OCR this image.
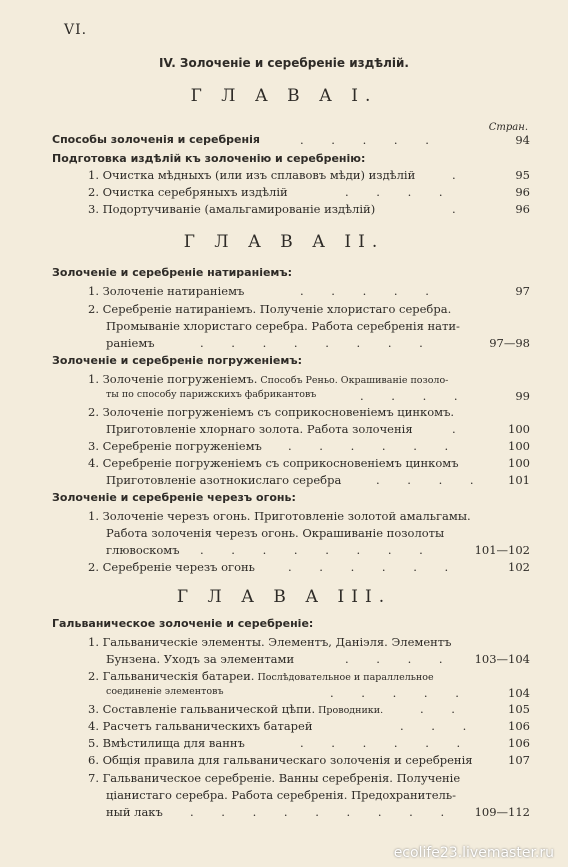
VI.
IV. Золоченіе и серебреніе издѣлій.
Г Л А В А I.
Стран.
Способы золоченія и серебренія	. . . . .	94
Подготовка издѣлій къ золоченію и серебренію:
1. Очистка мѣдныхъ (или изъ сплавовъ мѣди) издѣлій	.	95
2. Очистка серебряныхъ издѣлій	. . . .	96
3. Подортучиваніе (амальгамированіе издѣлій)	.	96
Г Л А В А II.
Золоченіе и серебреніе натираніемъ:
1. Золоченіе натираніемъ	. . . . .	97
2. Серебреніе натираніемъ. Полученіе хлористаго серебра.
Промываніе хлористаго серебра. Работа серебренія нати-
раніемъ	. . . . . . . .	97—98
Золоченіе и серебреніе погруженіемъ:
1. Золоченіе погруженіемъ. Способъ Реньо. Окрашиваніе позоло-
ты по способу парижскихъ фабрикантовъ	. . . .	99
2. Золоченіе погруженіемъ съ соприкосновеніемъ цинкомъ.
Приготовленіе хлорнаго золота. Работа золоченія	.	100
3. Серебреніе погруженіемъ . . . . . .	100
4. Серебреніе погруженіемъ съ соприкосновеніемъ цинкомъ	100
Приготовленіе азотнокислаго серебра	. . . . 101
Золоченіе и серебреніе черезъ огонь:
1. Золоченіе черезъ огонь. Приготовленіе золотой амальгамы.
Работа золоченія черезъ огонь. Окрашиваніе позолоты
глювоскомъ . . . . . . . .	101—102
2. Серебреніе черезъ огонь	. . . . . .	102
Г Л А В А III.
Гальваническое золоченіе и серебреніе:
1. Гальваническіе элементы. Элементъ, Даніэля. Элементъ
Бунзена. Уходъ за элементами	. . . . 103—104
2. Гальваническія батареи. Послѣдовательное и параллельное
соединеніе элементовъ	. . . . .	104
3. Составленіе гальванической цѣпи. Проводники.	. .	105
4. Расчетъ гальваническихъ батарей	. . .	106
5. Вмѣстилища для ваннъ	. . . . . .	106
6. Общія правила для гальваническаго золоченія и серебренія	107
7. Гальваническое серебреніе. Ванны серебренія. Полученіе
ціанистаго серебра. Работа серебренія. Предохранитель-
ный лакъ . . . . . . . . . 109—112
ecolife23.livemaster.ru
